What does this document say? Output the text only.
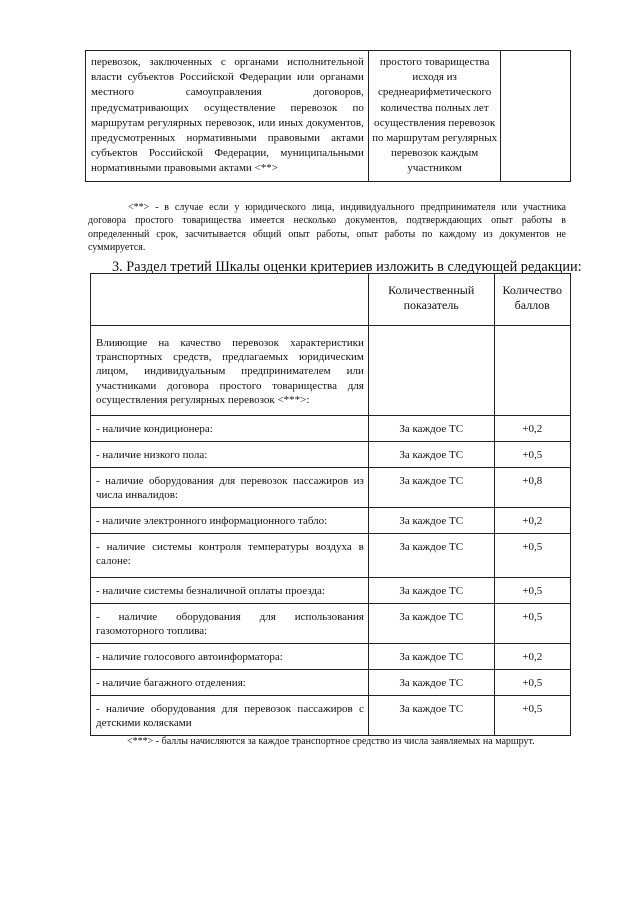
перевозок, заключенных с органами исполнительной власти субъектов Российской Федерации или органами местного самоуправления договоров, предусматривающих осуществление перевозок по маршрутам регулярных перевозок, или иных документов, предусмотренных нормативными правовыми актами субъектов Российской Федерации, муниципальными нормативными правовыми актами <**>	простого товарищества исходя из среднеарифметического количества полных лет осуществления перевозок по маршрутам регулярных перевозок каждым участником	
<**> - в случае если у юридического лица, индивидуального предпринимателя или участника договора простого товарищества имеется несколько документов, подтверждающих опыт работы в определенный срок, засчитывается общий опыт работы, опыт работы по каждому из документов не суммируется.
3. Раздел третий Шкалы оценки критериев изложить в следующей редакции:
	Количественный показатель	Количество баллов
Влияющие на качество перевозок характеристики транспортных средств, предлагаемых юридическим лицом, индивидуальным предпринимателем или участниками договора простого товарищества для осуществления регулярных перевозок <***>:		
- наличие кондиционера:	За каждое ТС	+0,2
- наличие низкого пола:	За каждое ТС	+0,5
- наличие оборудования для перевозок пассажиров из числа инвалидов:	За каждое ТС	+0,8
- наличие электронного информационного табло:	За каждое ТС	+0,2
- наличие системы контроля температуры воздуха в салоне:	За каждое ТС	+0,5
- наличие системы безналичной оплаты проезда:	За каждое ТС	+0,5
- наличие оборудования для использования газомоторного топлива:	За каждое ТС	+0,5
- наличие голосового автоинформатора:	За каждое ТС	+0,2
- наличие багажного отделения:	За каждое ТС	+0,5
- наличие оборудования для перевозок пассажиров с детскими колясками	За каждое ТС	+0,5
<***> - баллы начисляются за каждое транспортное средство из числа заявляемых на маршрут.
